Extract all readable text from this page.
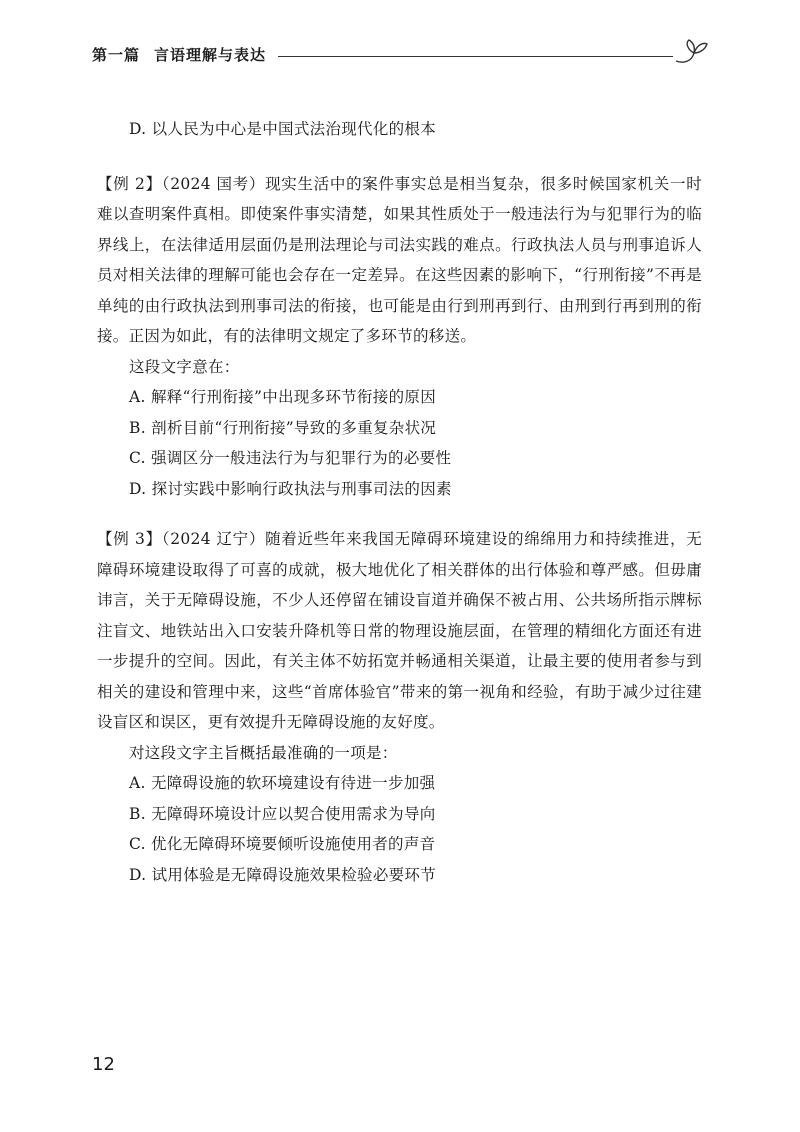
第一篇 言语理解与表达
D. 以人民为中心是中国式法治现代化的根本

【例 2】（2024 国考）现实生活中的案件事实总是相当复杂，很多时候国家机关一时难以查明案件真相。即使案件事实清楚，如果其性质处于一般违法行为与犯罪行为的临界线上，在法律适用层面仍是刑法理论与司法实践的难点。行政执法人员与刑事追诉人员对相关法律的理解可能也会存在一定差异。在这些因素的影响下，“行刑衔接”不再是单纯的由行政执法到刑事司法的衔接，也可能是由行到刑再到行、由刑到行再到刑的衔接。正因为如此，有的法律明文规定了多环节的移送。

这段文字意在：
A. 解释“行刑衔接”中出现多环节衔接的原因
B. 剖析目前“行刑衔接”导致的多重复杂状况
C. 强调区分一般违法行为与犯罪行为的必要性
D. 探讨实践中影响行政执法与刑事司法的因素

【例 3】（2024 辽宁）随着近些年来我国无障碍环境建设的绵绵用力和持续推进，无障碍环境建设取得了可喜的成就，极大地优化了相关群体的出行体验和尊严感。但毋庸讳言，关于无障碍设施，不少人还停留在铺设盲道并确保不被占用、公共场所指示牌标注盲文、地铁站出入口安装升降机等日常的物理设施层面，在管理的精细化方面还有进一步提升的空间。因此，有关主体不妨拓宽并畅通相关渠道，让最主要的使用者参与到相关的建设和管理中来，这些“首席体验官”带来的第一视角和经验，有助于减少过往建设盲区和误区，更有效提升无障碍设施的友好度。

对这段文字主旨概括最准确的一项是：
A. 无障碍设施的软环境建设有待进一步加强
B. 无障碍环境设计应以契合使用需求为导向
C. 优化无障碍环境要倾听设施使用者的声音
D. 试用体验是无障碍设施效果检验必要环节
12
